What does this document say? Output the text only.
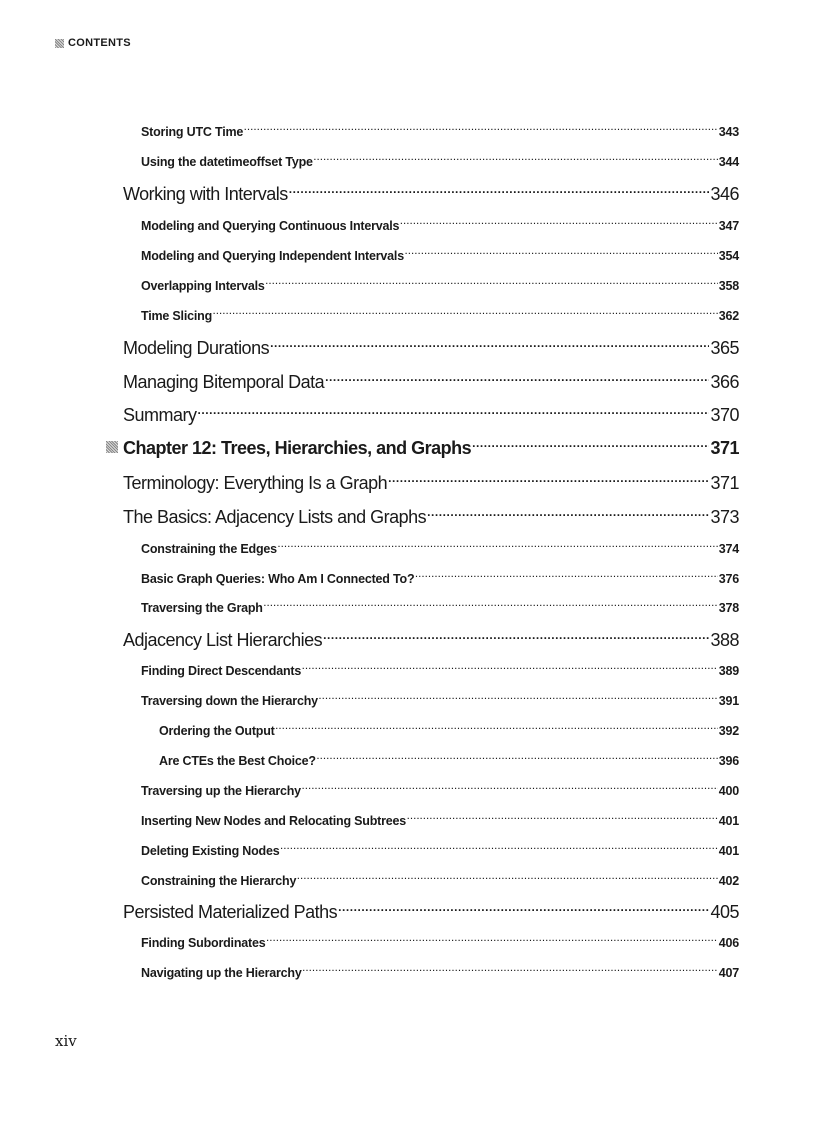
CONTENTS
Storing UTC Time . . .	343
Using the datetimeoffset Type . . .	344
Working with Intervals . . .	346
Modeling and Querying Continuous Intervals . . .	347
Modeling and Querying Independent Intervals . . .	354
Overlapping Intervals . . .	358
Time Slicing . . .	362
Modeling Durations . . .	365
Managing Bitemporal Data . . .	366
Summary . . .	370
Chapter 12: Trees, Hierarchies, and Graphs . . .	371
Terminology: Everything Is a Graph . . .	371
The Basics: Adjacency Lists and Graphs . . .	373
Constraining the Edges . . .	374
Basic Graph Queries: Who Am I Connected To? . . .	376
Traversing the Graph . . .	378
Adjacency List Hierarchies . . .	388
Finding Direct Descendants . . .	389
Traversing down the Hierarchy . . .	391
Ordering the Output . . .	392
Are CTEs the Best Choice? . . .	396
Traversing up the Hierarchy . . .	400
Inserting New Nodes and Relocating Subtrees . . .	401
Deleting Existing Nodes . . .	401
Constraining the Hierarchy . . .	402
Persisted Materialized Paths . . .	405
Finding Subordinates . . .	406
Navigating up the Hierarchy . . .	407
xiv
